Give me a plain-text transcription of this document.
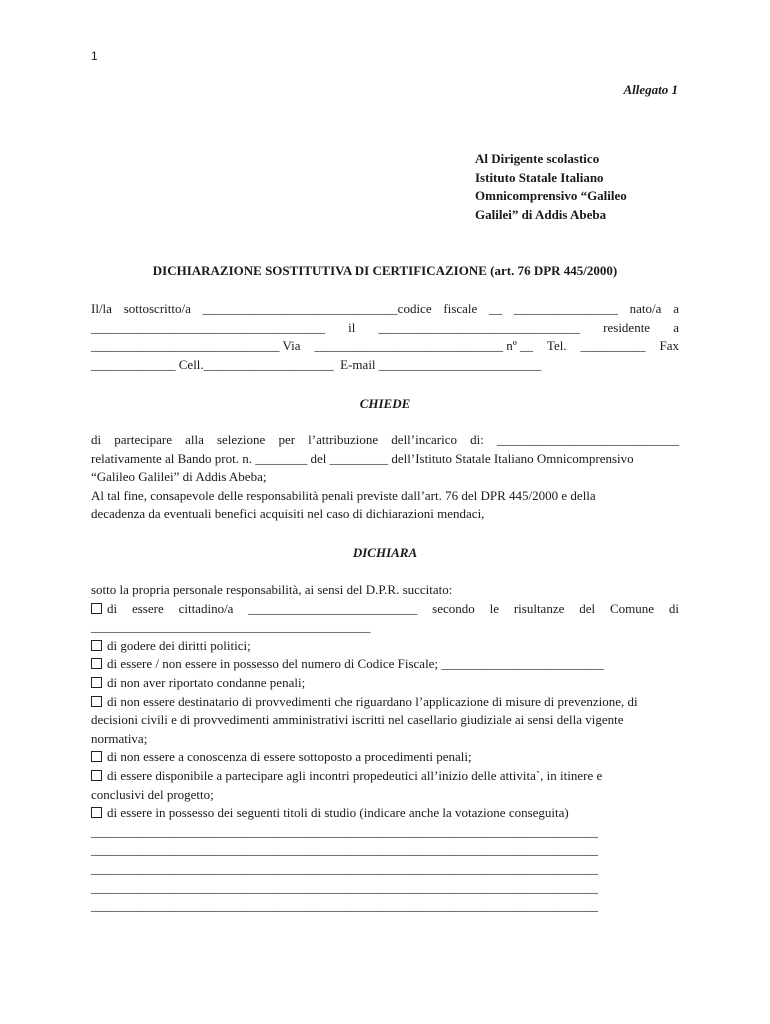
1
Allegato 1
Al Dirigente scolastico
Istituto Statale Italiano
Omnicomprensivo “Galileo
Galilei” di Addis Abeba
DICHIARAZIONE SOSTITUTIVA DI CERTIFICAZIONE (art. 76 DPR 445/2000)
Il/la sottoscritto/a ______________________________codice fiscale __ ________________ nato/a a
____________________________________ il _______________________________ residente a
_____________________________ Via _____________________________ nº __ Tel. __________ Fax
_____________ Cell.____________________  E-mail _________________________
CHIEDE
di partecipare alla selezione per l’attribuzione dell’incarico di: ____________________________
relativamente al Bando prot. n. ________ del _________ dell’Istituto Statale Italiano Omnicomprensivo
“Galileo Galilei” di Addis Abeba;
Al tal fine, consapevole delle responsabilità penali previste dall’art. 76 del DPR 445/2000 e della
decadenza da eventuali benefici acquisiti nel caso di dichiarazioni mendaci,
DICHIARA
sotto la propria personale responsabilità, ai sensi del D.P.R. succitato:
di essere cittadino/a __________________________ secondo le risultanze del Comune di
___________________________________________
di godere dei diritti politici;
di essere / non essere in possesso del numero di Codice Fiscale; _________________________
di non aver riportato condanne penali;
di non essere destinatario di provvedimenti che riguardano l’applicazione di misure di prevenzione, di
decisioni civili e di provvedimenti amministrativi iscritti nel casellario giudiziale ai sensi della vigente
normativa;
di non essere a conoscenza di essere sottoposto a procedimenti penali;
di essere disponibile a partecipare agli incontri propedeutici all’inizio delle attivita`, in itinere e
conclusivi del progetto;
di essere in possesso dei seguenti titoli di studio (indicare anche la votazione conseguita)
______________________________________________________________________________
______________________________________________________________________________
______________________________________________________________________________
______________________________________________________________________________
______________________________________________________________________________
